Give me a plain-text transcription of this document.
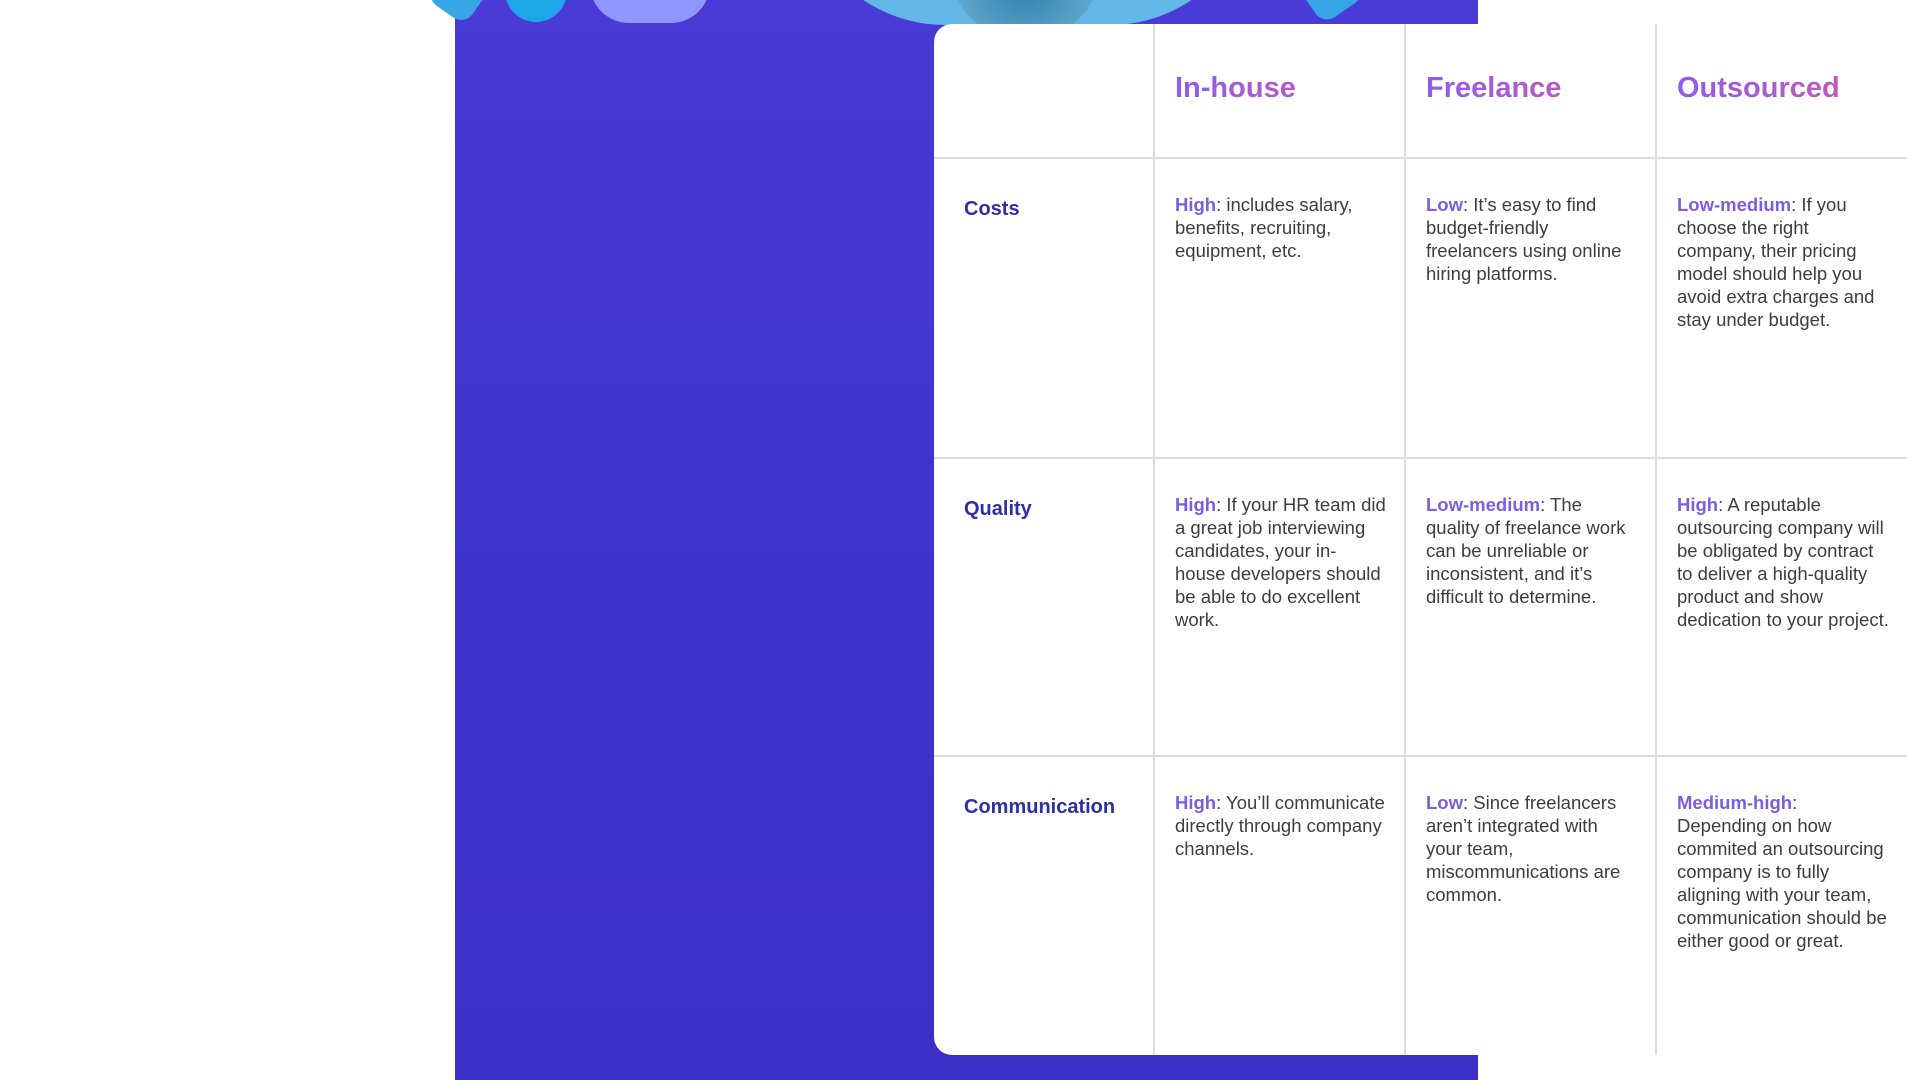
	In-house	Freelance	Outsourced

Costs	High: includes salary, benefits, recruiting, equipment, etc.	Low: It’s easy to find budget-friendly freelancers using online hiring platforms.	Low-medium: If you choose the right company, their pricing model should help you avoid extra charges and stay under budget.

Quality	High: If your HR team did a great job interviewing candidates, your in-house developers should be able to do excellent work.	Low-medium: The quality of freelance work can be unreliable or inconsistent, and it’s difficult to determine.	High: A reputable outsourcing company will be obligated by contract to deliver a high-quality product and show dedication to your project.

Communication	High: You’ll communicate directly through company channels.	Low: Since freelancers aren’t integrated with your team, miscommunications are common.	Medium-high: Depending on how commited an outsourcing company is to fully aligning with your team, communication should be either good or great.
